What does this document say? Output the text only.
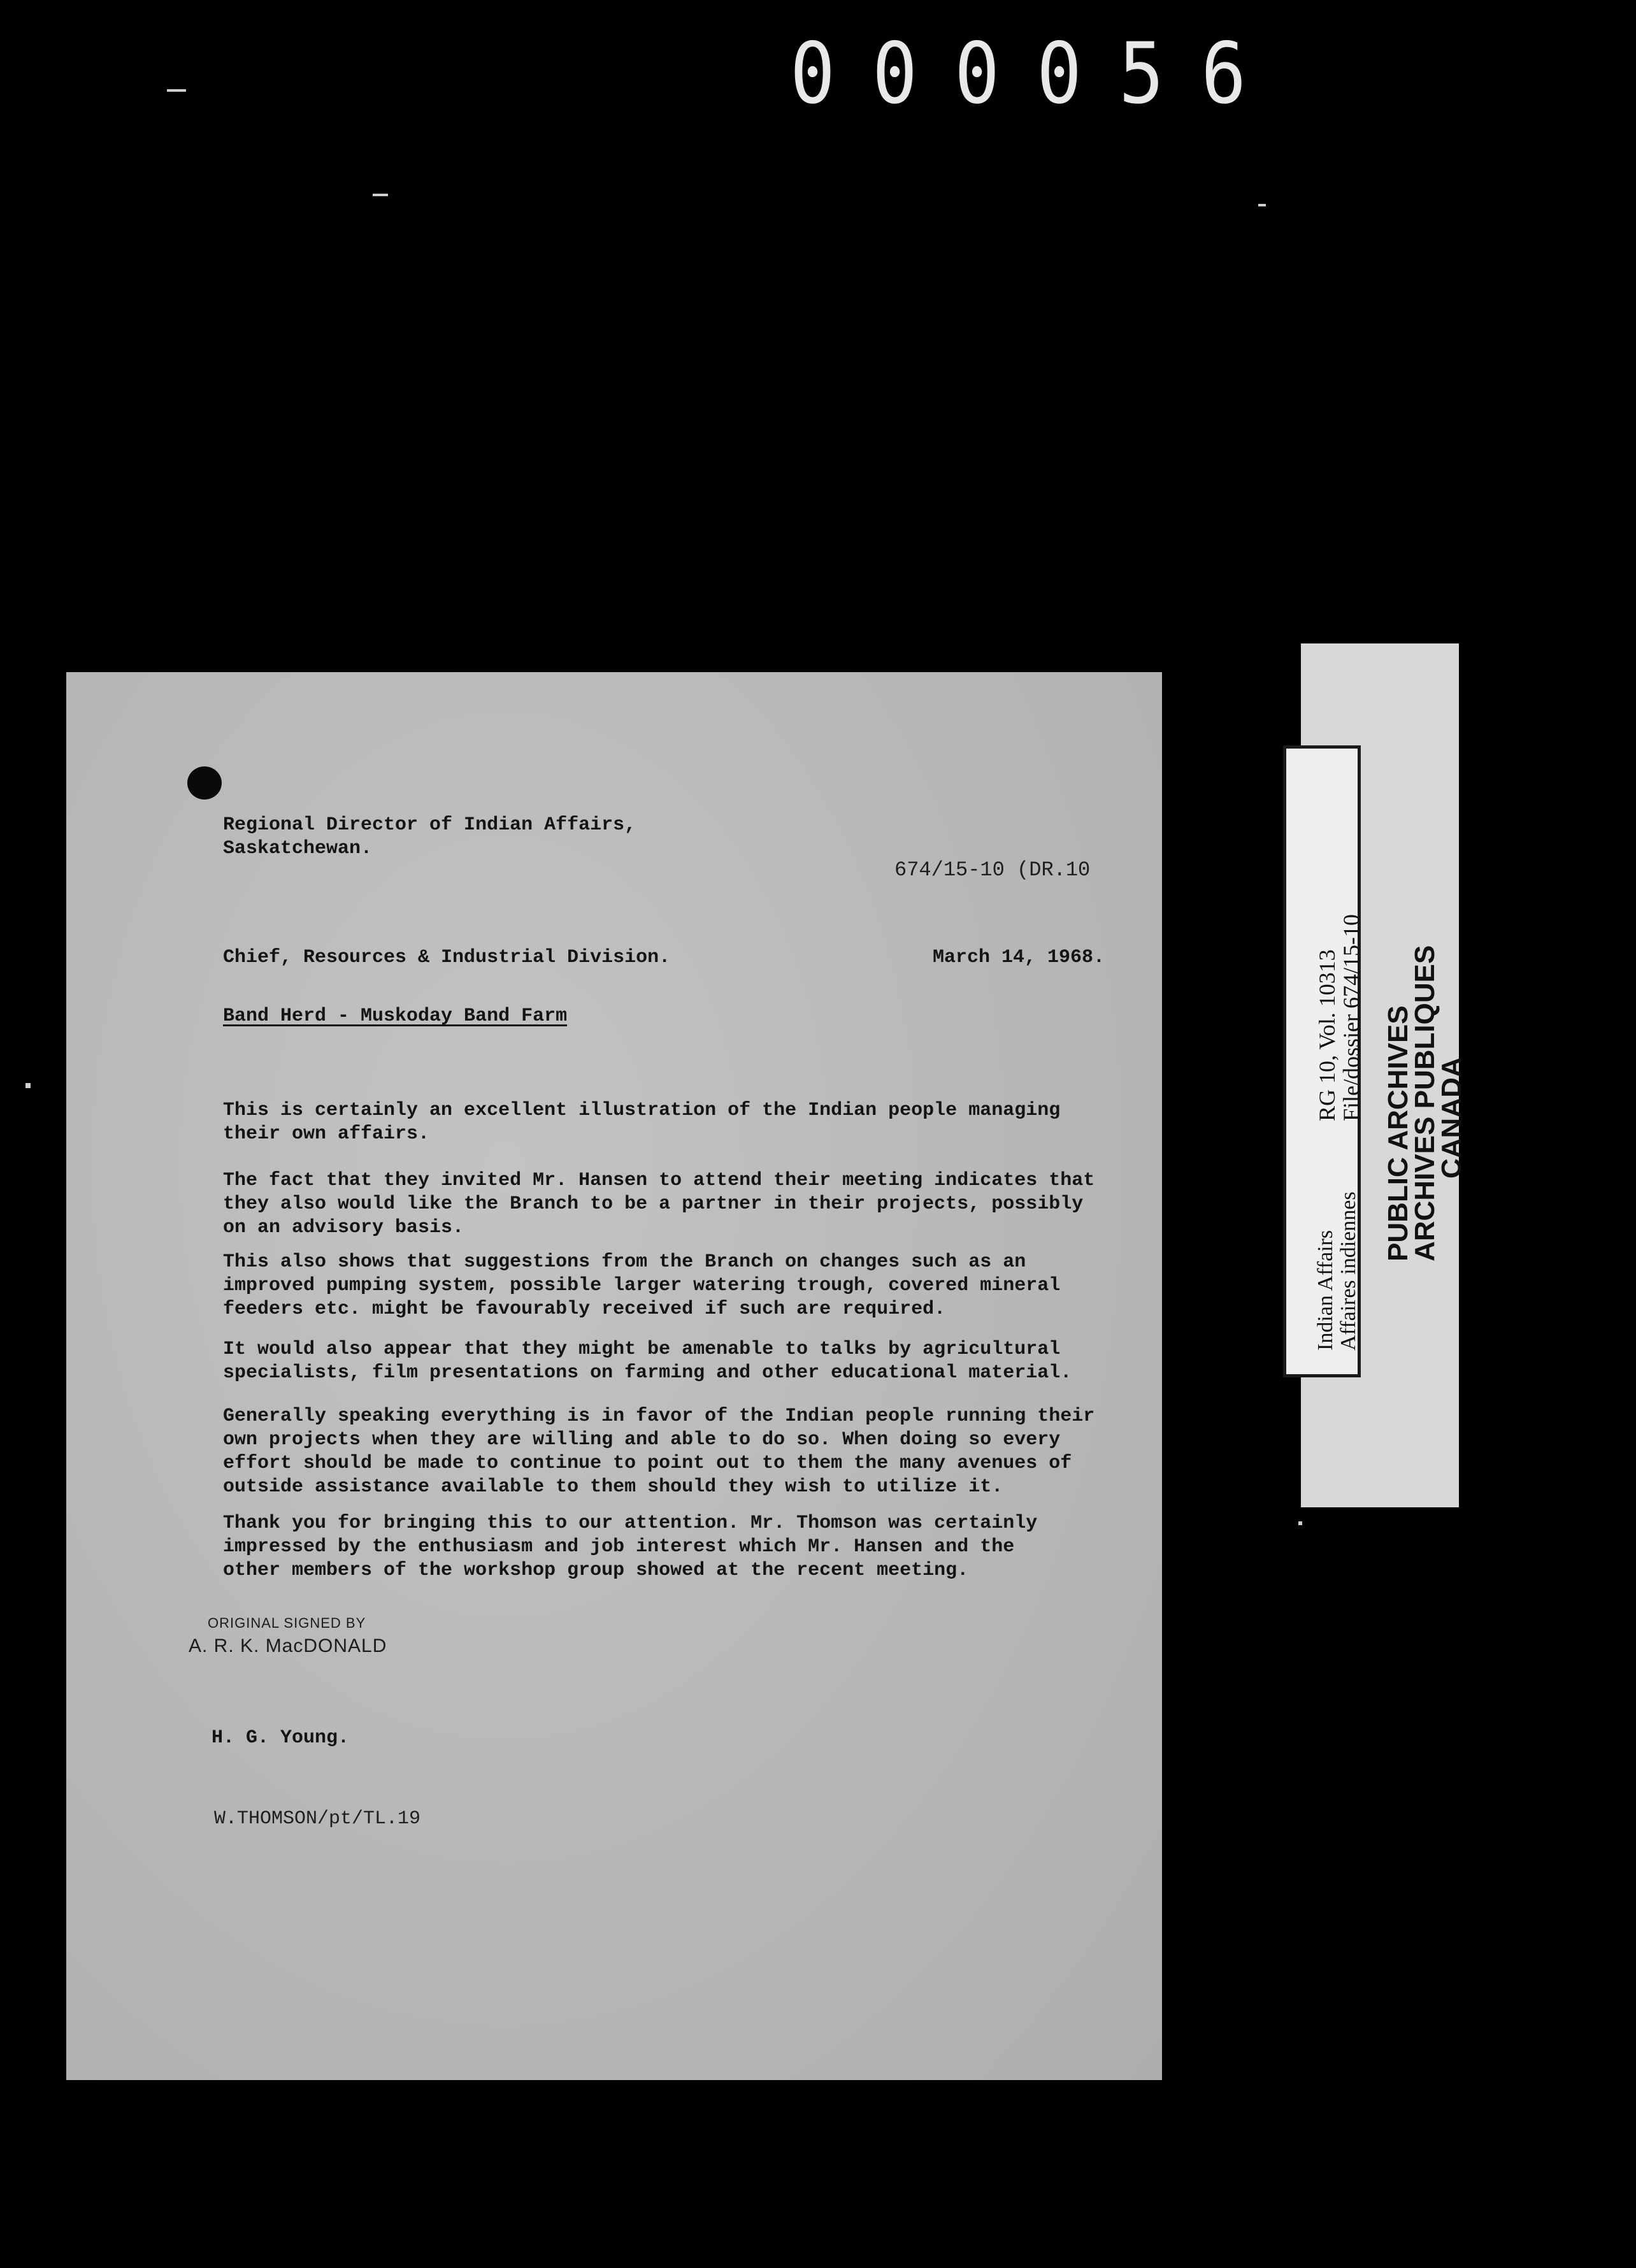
000056
Regional Director of Indian Affairs,
Saskatchewan.
674/15-10 (DR.10
Chief, Resources & Industrial Division.	March 14, 1968.
Band Herd - Muskoday Band Farm
This is certainly an excellent illustration of the Indian people managing
their own affairs.
The fact that they invited Mr. Hansen to attend their meeting indicates that
they also would like the Branch to be a partner in their projects, possibly
on an advisory basis.
This also shows that suggestions from the Branch on changes such as an
improved pumping system, possible larger watering trough, covered mineral
feeders etc. might be favourably received if such are required.
It would also appear that they might be amenable to talks by agricultural
specialists, film presentations on farming and other educational material.
Generally speaking everything is in favor of the Indian people running their
own projects when they are willing and able to do so. When doing so every
effort should be made to continue to point out to them the many avenues of
outside assistance available to them should they wish to utilize it.
Thank you for bringing this to our attention. Mr. Thomson was certainly
impressed by the enthusiasm and job interest which Mr. Hansen and the
other members of the workshop group showed at the recent meeting.
ORIGINAL SIGNED BY
A. R. K. MacDONALD
H. G. Young.
W.THOMSON/pt/TL.19
Indian Affairs Affaires indiennes
RG 10, Vol. 10313
File/dossier 674/15-10 PUBLIC ARCHIVES
ARCHIVES PUBLIQUES
CANADA
